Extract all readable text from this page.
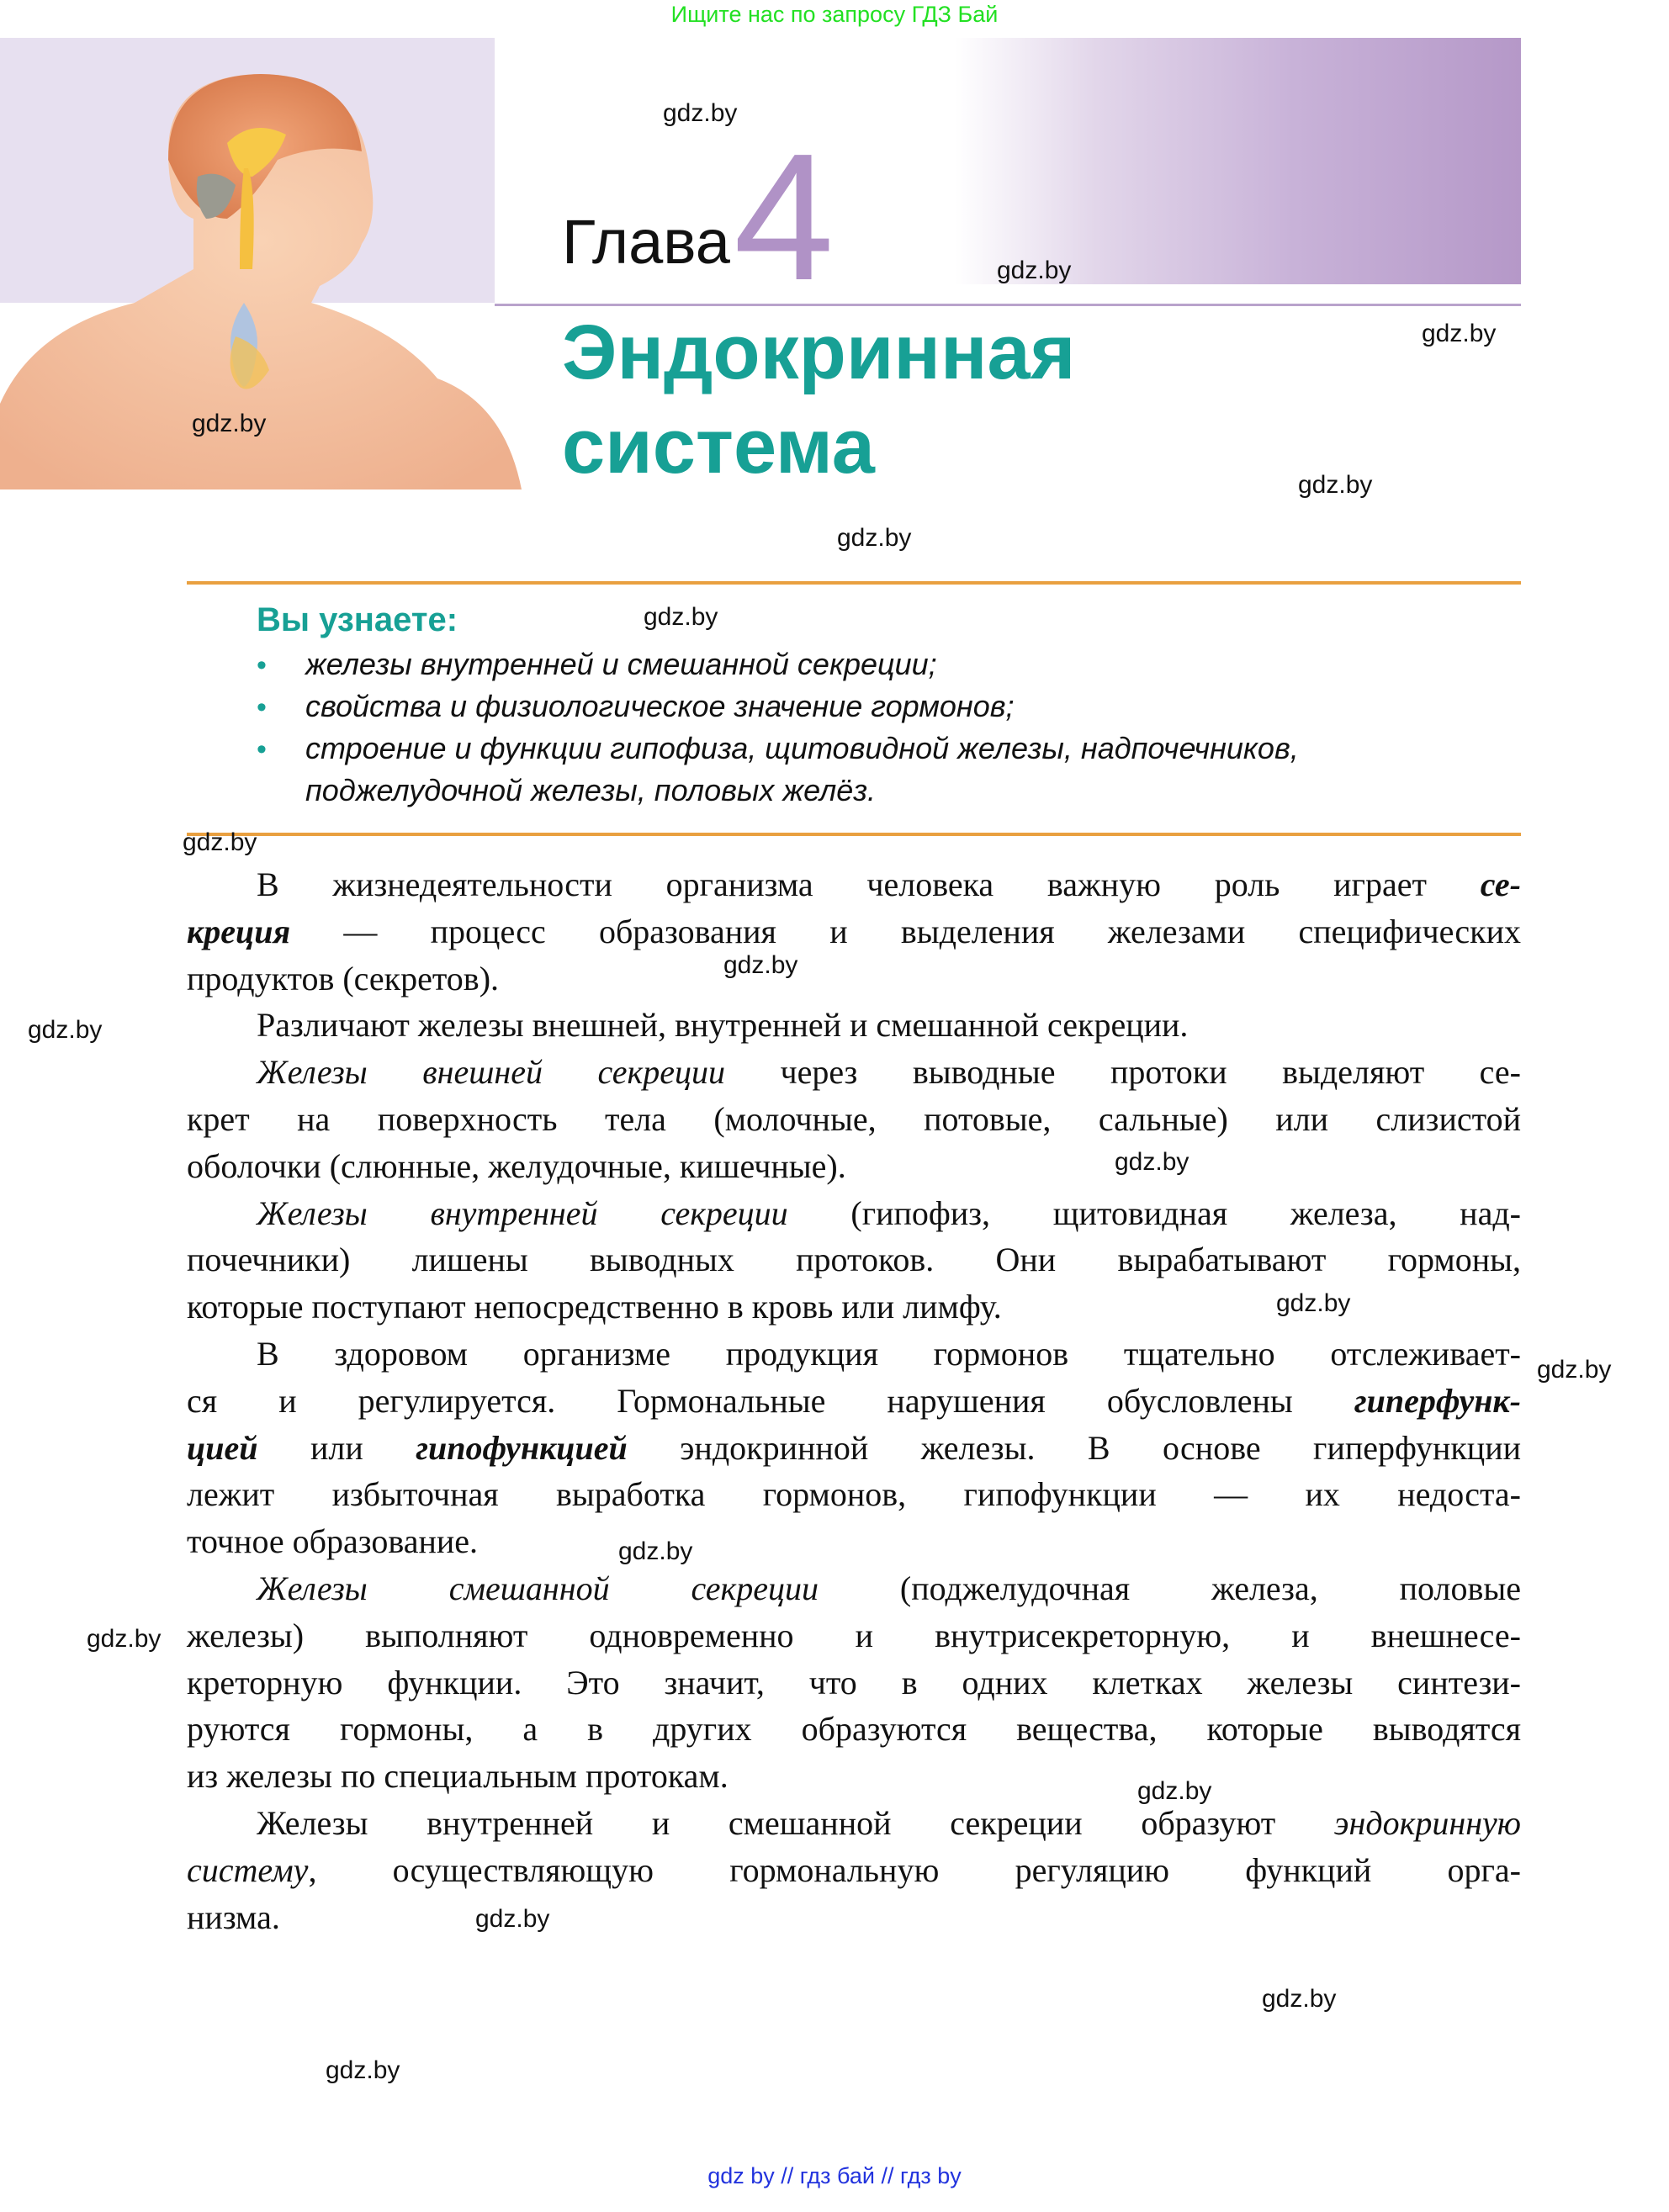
Ищите нас по запросу ГДЗ Бай
Глава 4
Эндокринная
система
Вы узнаете:
• железы внутренней и смешанной секреции;
• свойства и физиологическое значение гормонов;
• строение и функции гипофиза, щитовидной железы, надпочечников,
поджелудочной железы, половых желёз.
В жизнедеятельности организма человека важную роль играет се-
креция — процесс образования и выделения железами специфических
продуктов (секретов).
Различают железы внешней, внутренней и смешанной секреции.
Железы внешней секреции через выводные протоки выделяют се-
крет на поверхность тела (молочные, потовые, сальные) или слизистой
оболочки (слюнные, желудочные, кишечные).
Железы внутренней секреции (гипофиз, щитовидная железа, над-
почечники) лишены выводных протоков. Они вырабатывают гормоны,
которые поступают непосредственно в кровь или лимфу.
В здоровом организме продукция гормонов тщательно отслеживает-
ся и регулируется. Гормональные нарушения обусловлены гиперфунк-
цией или гипофункцией эндокринной железы. В основе гиперфункции
лежит избыточная выработка гормонов, гипофункции — их недоста-
точное образование.
Железы смешанной секреции (поджелудочная железа, половые
железы) выполняют одновременно и внутрисекреторную, и внешнесе-
креторную функции. Это значит, что в одних клетках железы синтези-
руются гормоны, а в других образуются вещества, которые выводятся
из железы по специальным протокам.
Железы внутренней и смешанной секреции образуют эндокринную
систему, осуществляющую гормональную регуляцию функций орга-
низма.
gdz.by
gdz.by
gdz.by
gdz.by
gdz.by
gdz.by
gdz.by
gdz.by
gdz.by
gdz.by
gdz.by
gdz.by
gdz.by
gdz.by
gdz.by
gdz.by
gdz.by
gdz.by
gdz.by
gdz by // гдз бай // гдз by
